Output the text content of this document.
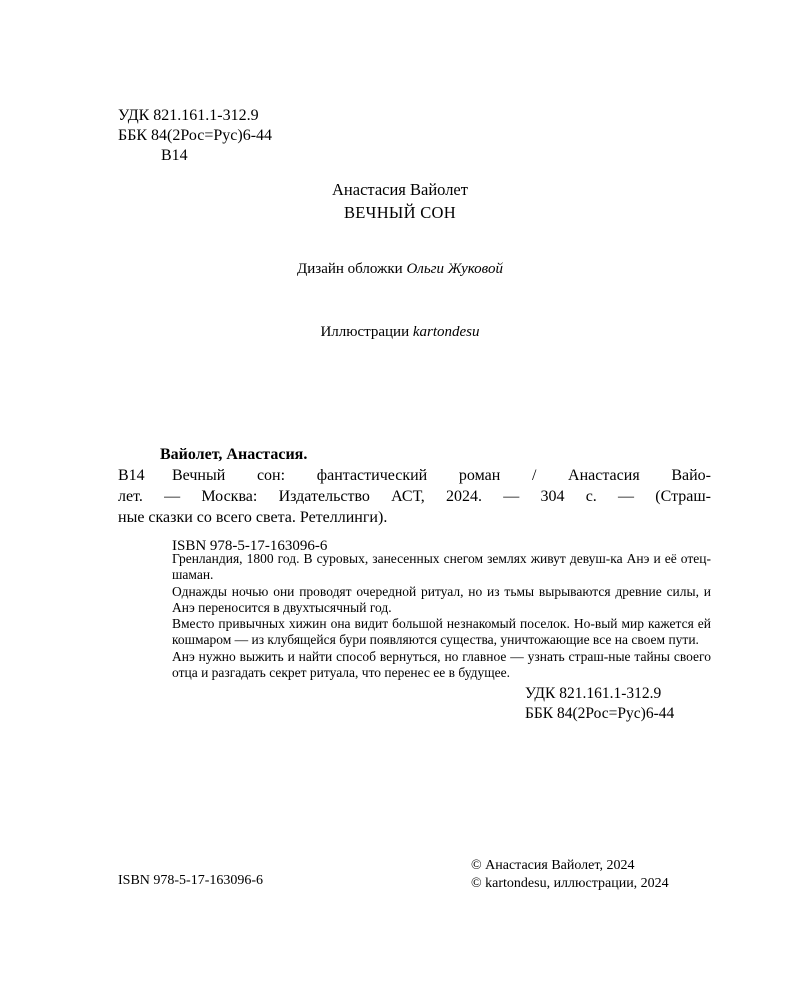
УДК 821.161.1-312.9
ББК 84(2Рос=Рус)6-44
В14
Анастасия Вайолет
ВЕЧНЫЙ СОН
Дизайн обложки Ольги Жуковой
Иллюстрации kartondesu
Вайолет, Анастасия.
В14	Вечный сон: фантастический роман / Анастасия Вайо-
лет. — Москва: Издательство АСТ, 2024. — 304 с. — (Страш-
ные сказки со всего света. Ретеллинги).
ISBN 978-5-17-163096-6

Гренландия, 1800 год. В суровых, занесенных снегом землях живут девуш-ка Анэ и её отец-шаман.

Однажды ночью они проводят очередной ритуал, но из тьмы вырываются древние силы, и Анэ переносится в двухтысячный год.

Вместо привычных хижин она видит большой незнакомый поселок. Но-вый мир кажется ей кошмаром — из клубящейся бури появляются существа, уничтожающие все на своем пути.

Анэ нужно выжить и найти способ вернуться, но главное — узнать страш-ные тайны своего отца и разгадать секрет ритуала, что перенес ее в будущее.

УДК 821.161.1-312.9
ББК 84(2Рос=Рус)6-44
ISBN 978-5-17-163096-6
© Анастасия Вайолет, 2024
© kartondesu, иллюстрации, 2024
